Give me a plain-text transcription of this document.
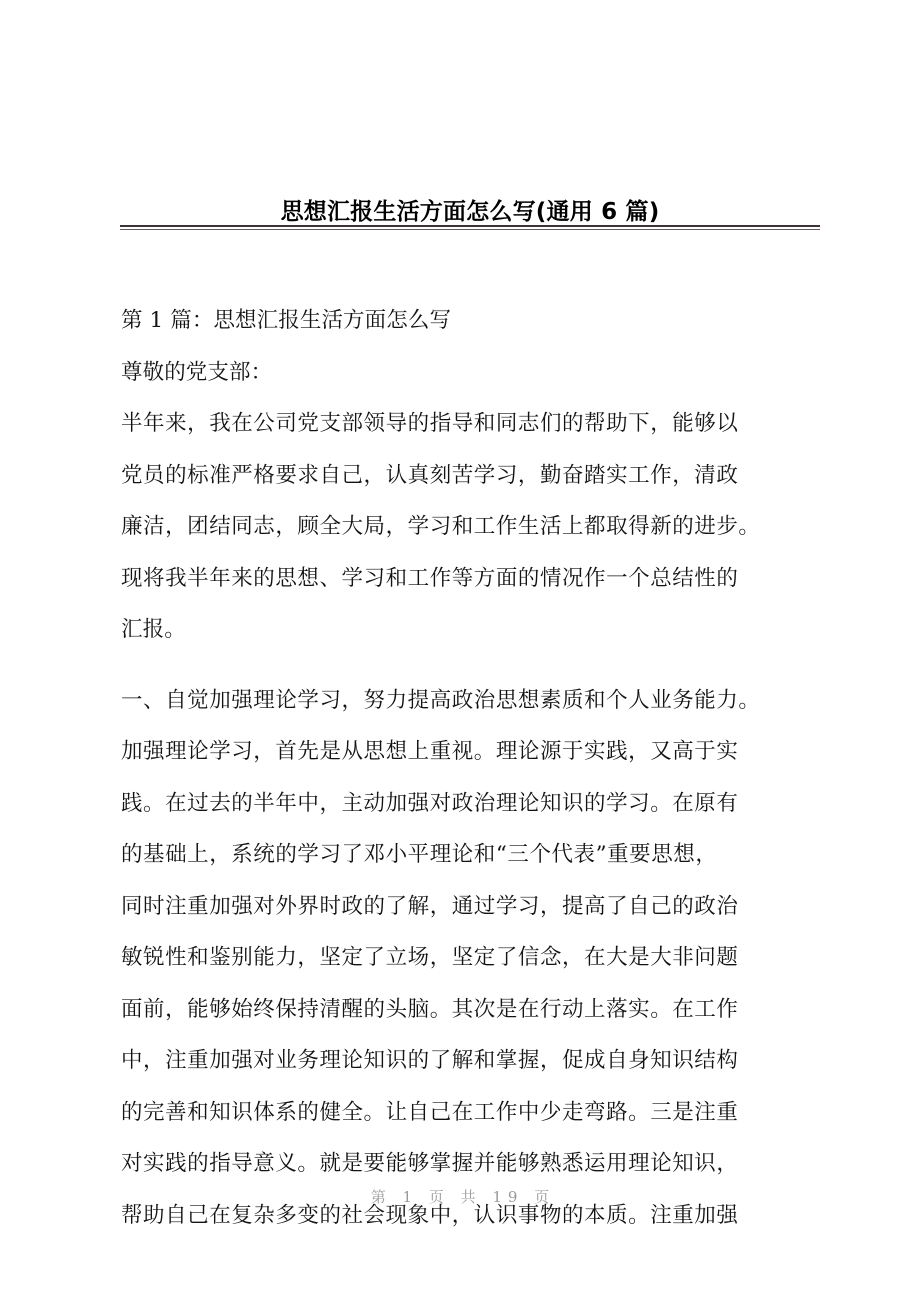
思想汇报生活方面怎么写(通用 6 篇)
第 1 篇：思想汇报生活方面怎么写
尊敬的党支部：
半年来，我在公司党支部领导的指导和同志们的帮助下，能够以
党员的标准严格要求自己，认真刻苦学习，勤奋踏实工作，清政
廉洁，团结同志，顾全大局，学习和工作生活上都取得新的进步。
现将我半年来的思想、学习和工作等方面的情况作一个总结性的
汇报。
一、自觉加强理论学习，努力提高政治思想素质和个人业务能力。
加强理论学习，首先是从思想上重视。理论源于实践，又高于实
践。在过去的半年中，主动加强对政治理论知识的学习。在原有
的基础上，系统的学习了邓小平理论和“三个代表”重要思想，
同时注重加强对外界时政的了解，通过学习，提高了自己的政治
敏锐性和鉴别能力，坚定了立场，坚定了信念，在大是大非问题
面前，能够始终保持清醒的头脑。其次是在行动上落实。在工作
中，注重加强对业务理论知识的了解和掌握，促成自身知识结构
的完善和知识体系的健全。让自己在工作中少走弯路。三是注重
对实践的指导意义。就是要能够掌握并能够熟悉运用理论知识，
帮助自己在复杂多变的社会现象中，认识事物的本质。注重加强
第 1 页 共 19 页
